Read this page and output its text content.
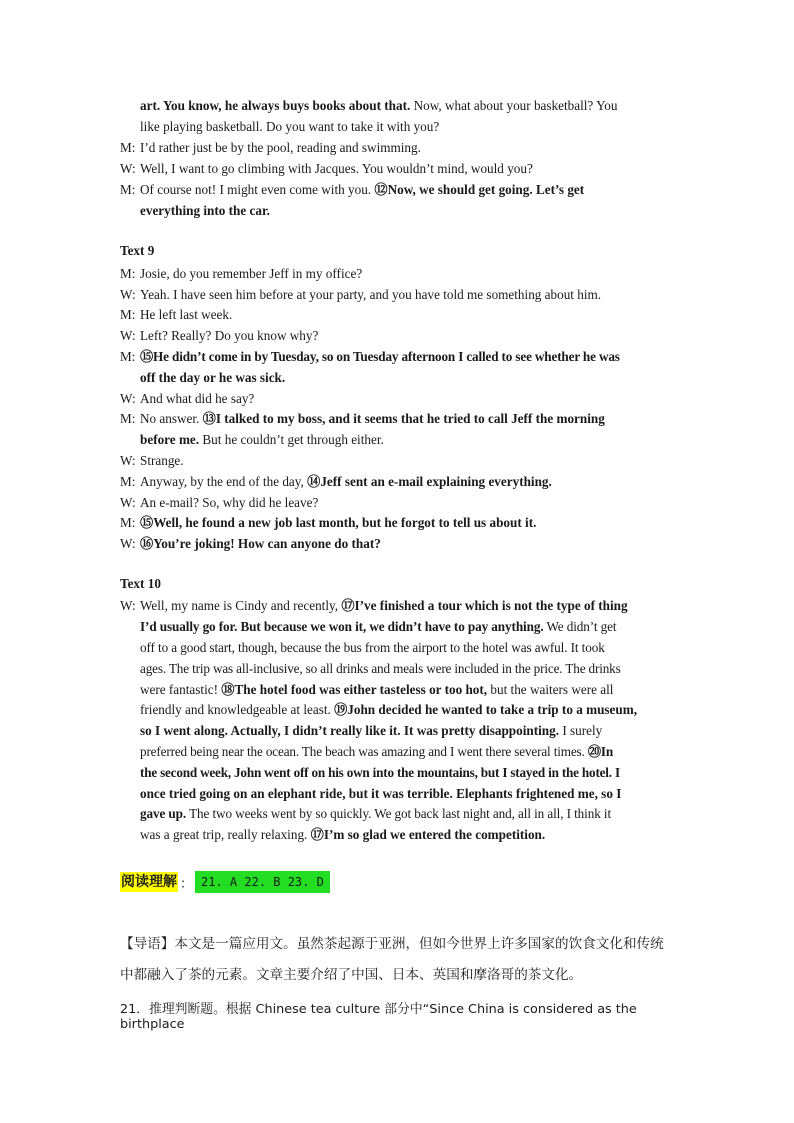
art. You know, he always buys books about that. Now, what about your basketball? You
like playing basketball. Do you want to take it with you?
M: I’d rather just be by the pool, reading and swimming.
W: Well, I want to go climbing with Jacques. You wouldn’t mind, would you?
M: Of course not! I might even come with you. ⑫Now, we should get going. Let’s get
everything into the car.
Text 9
M: Josie, do you remember Jeff in my office?
W: Yeah. I have seen him before at your party, and you have told me something about him.
M: He left last week.
W: Left? Really? Do you know why?
M: ⑮He didn’t come in by Tuesday, so on Tuesday afternoon I called to see whether he was
off the day or he was sick.
W: And what did he say?
M: No answer. ⑬I talked to my boss, and it seems that he tried to call Jeff the morning
before me. But he couldn’t get through either.
W: Strange.
M: Anyway, by the end of the day, ⑭Jeff sent an e-mail explaining everything.
W: An e-mail? So, why did he leave?
M: ⑮Well, he found a new job last month, but he forgot to tell us about it.
W: ⑯You’re joking! How can anyone do that?
Text 10
W: Well, my name is Cindy and recently, ⑰I’ve finished a tour which is not the type of thing
I’d usually go for. But because we won it, we didn’t have to pay anything. We didn’t get
off to a good start, though, because the bus from the airport to the hotel was awful. It took
ages. The trip was all-inclusive, so all drinks and meals were included in the price. The drinks
were fantastic! ⑱The hotel food was either tasteless or too hot, but the waiters were all
friendly and knowledgeable at least. ⑲John decided he wanted to take a trip to a museum,
so I went along. Actually, I didn’t really like it. It was pretty disappointing. I surely
preferred being near the ocean. The beach was amazing and I went there several times. ⑳In
the second week, John went off on his own into the mountains, but I stayed in the hotel. I
once tried going on an elephant ride, but it was terrible. Elephants frightened me, so I
gave up. The two weeks went by so quickly. We got back last night and, all in all, I think it
was a great trip, really relaxing. ⑰I’m so glad we entered the competition.
阅读理解 ： 21. A 22. B 23. D
【导语】本文是一篇应用文。虽然茶起源于亚洲，但如今世界上许多国家的饮食文化和传统
中都融入了茶的元素。文章主要介绍了中国、日本、英国和摩洛哥的茶文化。
21．推理判断题。根据 Chinese tea culture 部分中“Since China is considered as the birthplace
